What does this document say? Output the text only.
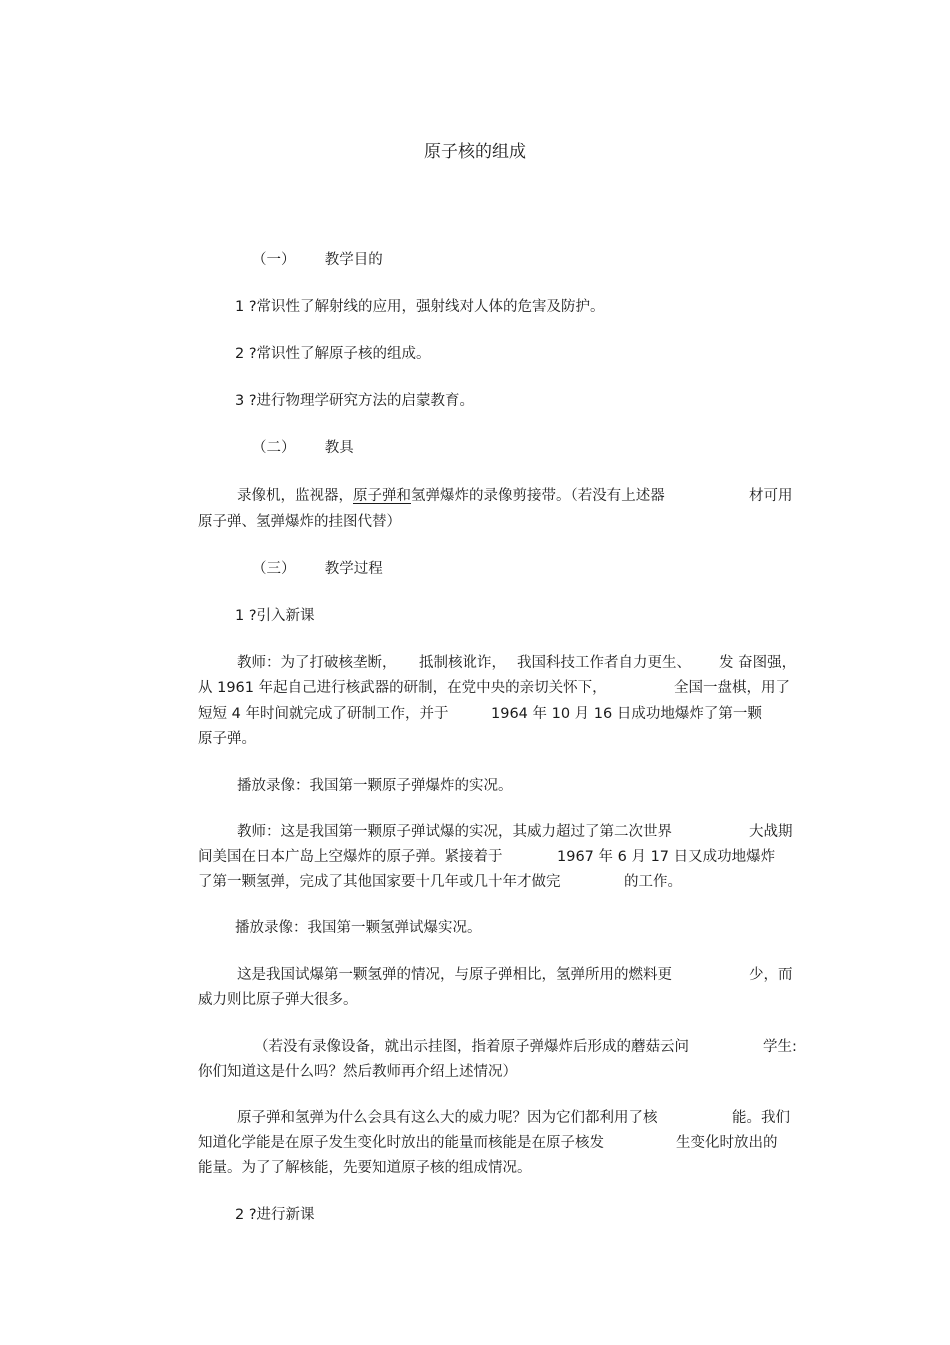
原子核的组成
（一） 教学目的
1 ?常识性了解射线的应用，强射线对人体的危害及防护。
2 ?常识性了解原子核的组成。
3 ?进行物理学研究方法的启蒙教育。
（二） 教具
录像机，监视器，原子弹和氢弹爆炸的录像剪接带。（若没有上述器	材可用
原子弹、氢弹爆炸的挂图代替）
（三） 教学过程
1 ?引入新课
教师：为了打破核垄断， 抵制核讹诈， 我国科技工作者自力更生、 发 奋图强，
从 1961 年起自己进行核武器的研制，在党中央的亲切关怀下，	全国一盘棋，用了
短短 4 年时间就完成了研制工作，并于	1964 年 10 月 16 日成功地爆炸了第一颗
原子弹。
播放录像：我国第一颗原子弹爆炸的实况。
教师：这是我国第一颗原子弹试爆的实况，其威力超过了第二次世界	大战期
间美国在日本广岛上空爆炸的原子弹。紧接着于	1967 年 6 月 17 日又成功地爆炸
了第一颗氢弹，完成了其他国家要十几年或几十年才做完	的工作。
播放录像：我国第一颗氢弹试爆实况。
这是我国试爆第一颗氢弹的情况，与原子弹相比，氢弹所用的燃料更	少，而
威力则比原子弹大很多。
（若没有录像设备，就出示挂图，指着原子弹爆炸后形成的蘑菇云问	学生:
你们知道这是什么吗？然后教师再介绍上述情况）
原子弹和氢弹为什么会具有这么大的威力呢？因为它们都利用了核	能。我们
知道化学能是在原子发生变化时放出的能量而核能是在原子核发	生变化时放出的
能量。为了了解核能，先要知道原子核的组成情况。
2 ?进行新课
